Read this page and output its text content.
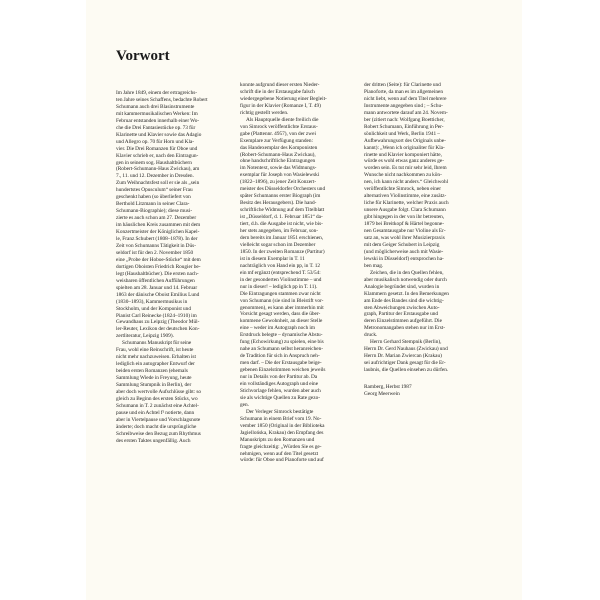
Vorwort

Im Jahre 1849, einem der ertragreichs-

ten Jahre seines Schaffens, bedachte Robert

Schumann auch drei Blasinstrumente

mit kammermusikalischen Werken: Im

Februar entstanden innerhalb einer Wo-

che die Drei Fantasiestücke op. 73 für

Klarinette und Klavier sowie das Adagio

und Allegro op. 70 für Horn und Kla-

vier. Die Drei Romanzen für Oboe und

Klavier schrieb er, nach den Eintragun-

gen in seinem sog. Haushaltbüchern

(Robert-Schumann-Haus Zwickau), am

7., 11. und 12. Dezember in Dresden.

Zum Weihnachtsfest soll er sie als „sein

hundertstes Opusculum“ seiner Frau

geschenkt haben (so überliefert von

Berthold Litzmann in seiner Clara-

Schumann-Biographie); diese musi-

zierte es auch schon am 27. Dezember

im häuslichen Kreis zusammen mit dem

Konzertmeister der Königlichen Kapel-

le, Franz Schubert (1808–1878). In der

Zeit von Schumanns Tätigkeit in Düs-

seldorf ist für den 2. November 1850

eine „Probe der Hoboe-Stücke“ mit dem

dortigen Oboisten Friedrich Rougier be-

legt (Haushaltbücher). Die ersten nach-

weisbaren öffentlichen Aufführungen

spielten am 28. Januar und 14. Februar

1863 der dänische Oboist Emilius Lund

(1830–1893), Kammermusikus in

Stockholm, und der Komponist und

Pianist Carl Reinecke (1824–1910) im

Gewandhaus zu Leipzig (Theodor Mül-

ler-Reuter, Lexikon der deutschen Kon-

zertliteratur, Leipzig 1909).

Schumanns Manuskript für seine

Frau, wohl eine Reinschrift, ist heute

nicht mehr nachzuweisen. Erhalten ist

lediglich ein autographer Entwurf der

beiden ersten Romanzen (ehemals

Sammlung Wiede in Freyung, heute

Sammlung Stumpnik in Berlin), der

aber doch wertvolle Aufschlüsse gibt: so

gleich zu Beginn des ersten Stücks, wo

Schumann in T. 2 zunächst eine Achtel-

pause und ein Achtel f² notierte, dann

aber in Viertelpause und Vorschlagsnote

änderte; doch macht die ursprüngliche

Schreibweise den Bezug zum Rhythmus

des ersten Taktes ungenfällig. Auch

konnte aufgrund dieser ersten Nieder-

schrift die in der Erstausgabe falsch

wiedergegebene Notierung einer Begleit-

figur in der Klavier (Romanze I, T. 49)

richtig gestellt werden.

Als Hauptquelle diente freilich die

von Simrock veröffentlichte Erstaus-

gabe (Plattennr. 4957), von der zwei

Exemplare zur Verfügung standen:

das Handexemplar des Komponisten

(Robert-Schumann-Haus Zwickau),

ohne handschriftliche Eintragungen

im Notentext, sowie das Widmungs-

exemplar für Joseph von Wasielewski

(1822–1896), zu jener Zeit Konzert-

meister des Düsseldorfer Orchesters und

später Schumanns erster Biograph (im

Besitz des Herausgebers). Die hand-

schriftliche Widmung auf dem Titelblatt

ist „Düsseldorf, d. 1. Februar 1851“ da-

tiert, d.h. die Ausgabe ist nicht, wie bis-

her stets angegeben, im Februar, son-

dern bereits im Januar 1851 erschienen,

vielleicht sogar schon im Dezember

1850. In der zweiten Romanze (Partitur)

ist in diesem Exemplar in T. 11

nachträglich von Hand ein pp, in T. 12

ein mf ergänzt (entsprechend T. 53/54:

in der gesonderten Violinstimme – und

nur in dieser! – lediglich pp in T. 11).

Die Eintragungen stammen zwar nicht

von Schumann (sie sind in Bleistift vor-

genommen), es kann aber immerhin mit

Vorsicht gesagt werden, dass die über-

kommene Gewohnheit, an dieser Stelle

eine – weder im Autograph noch im

Erstdruck belegte – dynamische Abstu-

fung (Echowirkung) zu spielen, eine bis

nahe an Schumann selbst heranreichen-

de Tradition für sich in Anspruch neh-

men darf. – Die der Erstausgabe beige-

gebenen Einzelstimmen weichen jeweils

nur in Details von der Partitur ab. Da

ein vollständiges Autograph und eine

Stichvorlage fehlen, wurden aber auch

sie als wichtige Quellen zu Rate gezo-

gen.

Der Verleger Simrock bestätigte

Schumann in einem Brief vom 19. No-

vember 1850 (Original in der Biblioteka

Jagiellońska, Krakau) den Empfang des

Manuskripts zu den Romanzen und

fragte gleichzeitig: „Würden Sie es ge-

nehmigen, wenn auf den Titel gesetzt

würde: für Oboe und Pianoforte und auf

der dritten (Seite): für Clarinette und

Pianoforte, da man es im allgemeinen

nicht liebt, wenn auf dem Titel mehrere

Instrumente angegeben sind ; – Schu-

mann antwortete darauf am 24. Novem-

ber (zitiert nach: Wolfgang Boetticher,

Robert Schumann, Einführung in Per-

sönlichkeit und Werk, Berlin 1941 –

Aufbewahrungsort des Originals unbe-

kannt): „Wenn ich originaliter für Kla-

rinette und Klavier komponiert hätte,

würde es wohl etwas ganz anderes ge-

worden sein. Es tut mir sehr leid, Ihrem

Wunsche nicht nachkommen zu kön-

nen, ich kann nicht anders.“ Gleichwohl

veröffentlichte Simrock, neben einer

alternativen Violinstimme, eine zusätz-

liche für Klarinette, welcher Praxis auch

unsere Ausgabe folgt. Clara Schumann

gibt hingegen in der von ihr betreuten,

1879 bei Breitkopf & Härtel begonne-

nen Gesamtausgabe nur Violine als Er-

satz an, was wohl ihrer Musizierpraxis

mit dem Geiger Schubert in Leipzig

(und möglicherweise auch mit Wasie-

lewski in Düsseldorf) entsprochen ha-

ben mag.

Zeichen, die in den Quellen fehlen,

aber musikalisch notwendig oder durch

Analogie begründet sind, wurden in

Klammern gesetzt. In den Bemerkungen

am Ende des Bandes sind die wichtig-

sten Abweichungen zwischen Auto-

graph, Partitur der Erstausgabe und

deren Einzelstimmen aufgeführt. Die

Metronomangaben stehen nur im Erst-

druck.

Herrn Gerhard Stempnik (Berlin),

Herrn Dr. Gerd Nauhaus (Zwickau) und

Herrn Dr. Marian Zwiercan (Krakau)

sei aufrichtiger Dank gesagt für die Er-

laubnis, die Quellen einsehen zu dürfen.

Ramberg, Herbst 1987

Georg Meerwein
